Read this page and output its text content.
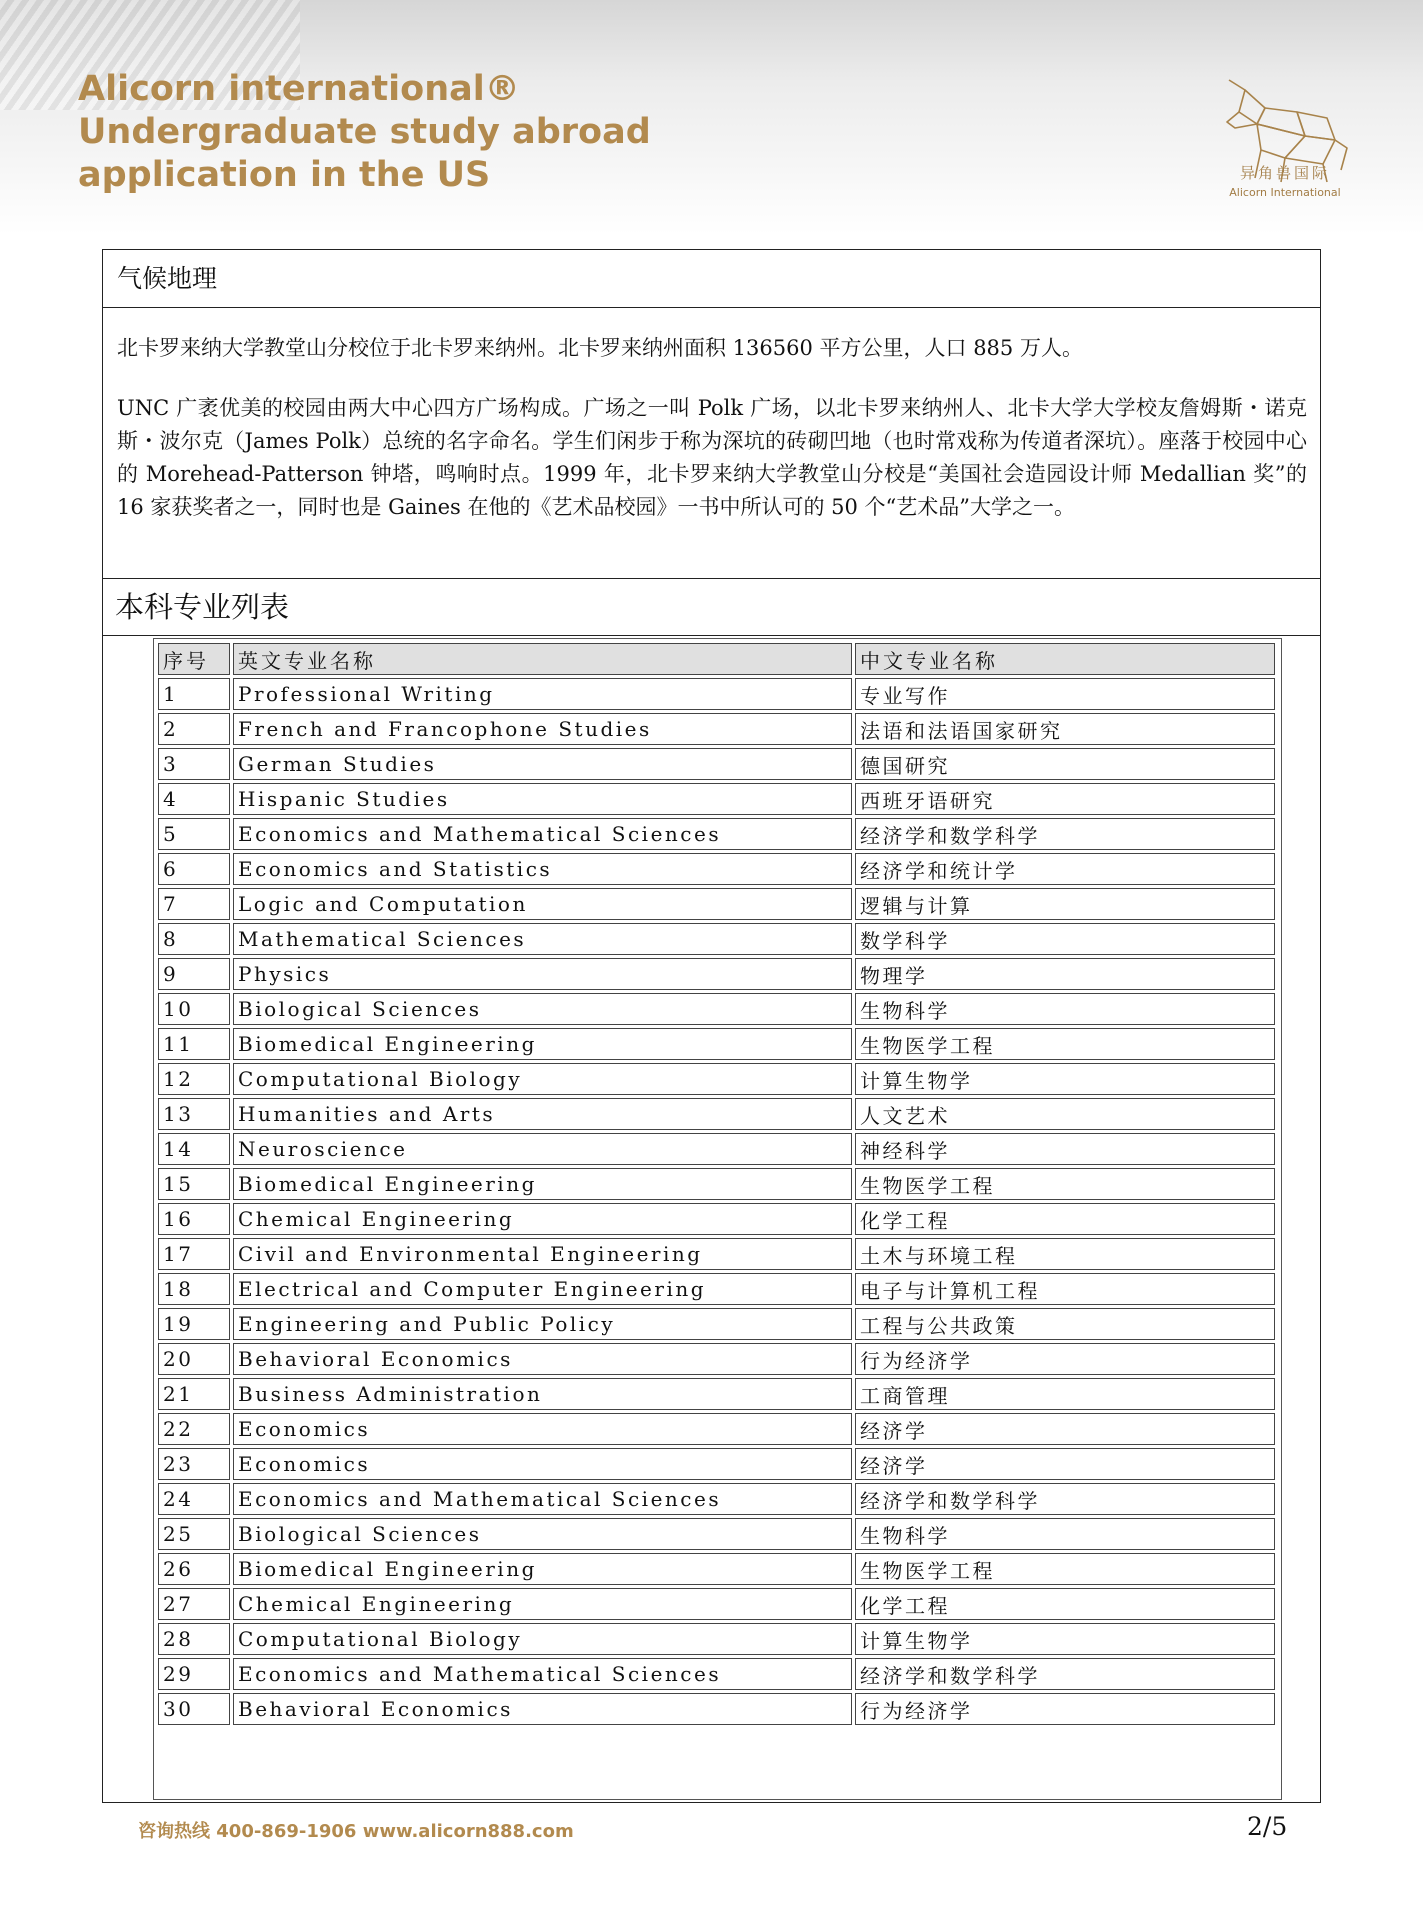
Alicorn international®
Undergraduate study abroad
application in the US	异角兽国际
Alicorn International
气候地理
北卡罗来纳大学教堂山分校位于北卡罗来纳州。北卡罗来纳州面积 136560 平方公里，人口 885 万人。
UNC 广袤优美的校园由两大中心四方广场构成。广场之一叫 Polk 广场，以北卡罗来纳州人、北卡大学大学校友詹姆斯・诺克斯・波尔克（James Polk）总统的名字命名。学生们闲步于称为深坑的砖砌凹地（也时常戏称为传道者深坑）。座落于校园中心的 Morehead-Patterson 钟塔，鸣响时点。1999 年，北卡罗来纳大学教堂山分校是“美国社会造园设计师 Medallian 奖”的 16 家获奖者之一，同时也是 Gaines 在他的《艺术品校园》一书中所认可的 50 个“艺术品”大学之一。
本科专业列表
序号	英文专业名称	中文专业名称
1	Professional Writing	专业写作
2	French and Francophone Studies	法语和法语国家研究
3	German Studies	德国研究
4	Hispanic Studies	西班牙语研究
5	Economics and Mathematical Sciences	经济学和数学科学
6	Economics and Statistics	经济学和统计学
7	Logic and Computation	逻辑与计算
8	Mathematical Sciences	数学科学
9	Physics	物理学
10	Biological Sciences	生物科学
11	Biomedical Engineering	生物医学工程
12	Computational Biology	计算生物学
13	Humanities and Arts	人文艺术
14	Neuroscience	神经科学
15	Biomedical Engineering	生物医学工程
16	Chemical Engineering	化学工程
17	Civil and Environmental Engineering	土木与环境工程
18	Electrical and Computer Engineering	电子与计算机工程
19	Engineering and Public Policy	工程与公共政策
20	Behavioral Economics	行为经济学
21	Business Administration	工商管理
22	Economics	经济学
23	Economics	经济学
24	Economics and Mathematical Sciences	经济学和数学科学
25	Biological Sciences	生物科学
26	Biomedical Engineering	生物医学工程
27	Chemical Engineering	化学工程
28	Computational Biology	计算生物学
29	Economics and Mathematical Sciences	经济学和数学科学
30	Behavioral Economics	行为经济学
咨询热线 400-869-1906 www.alicorn888.com	2/5
